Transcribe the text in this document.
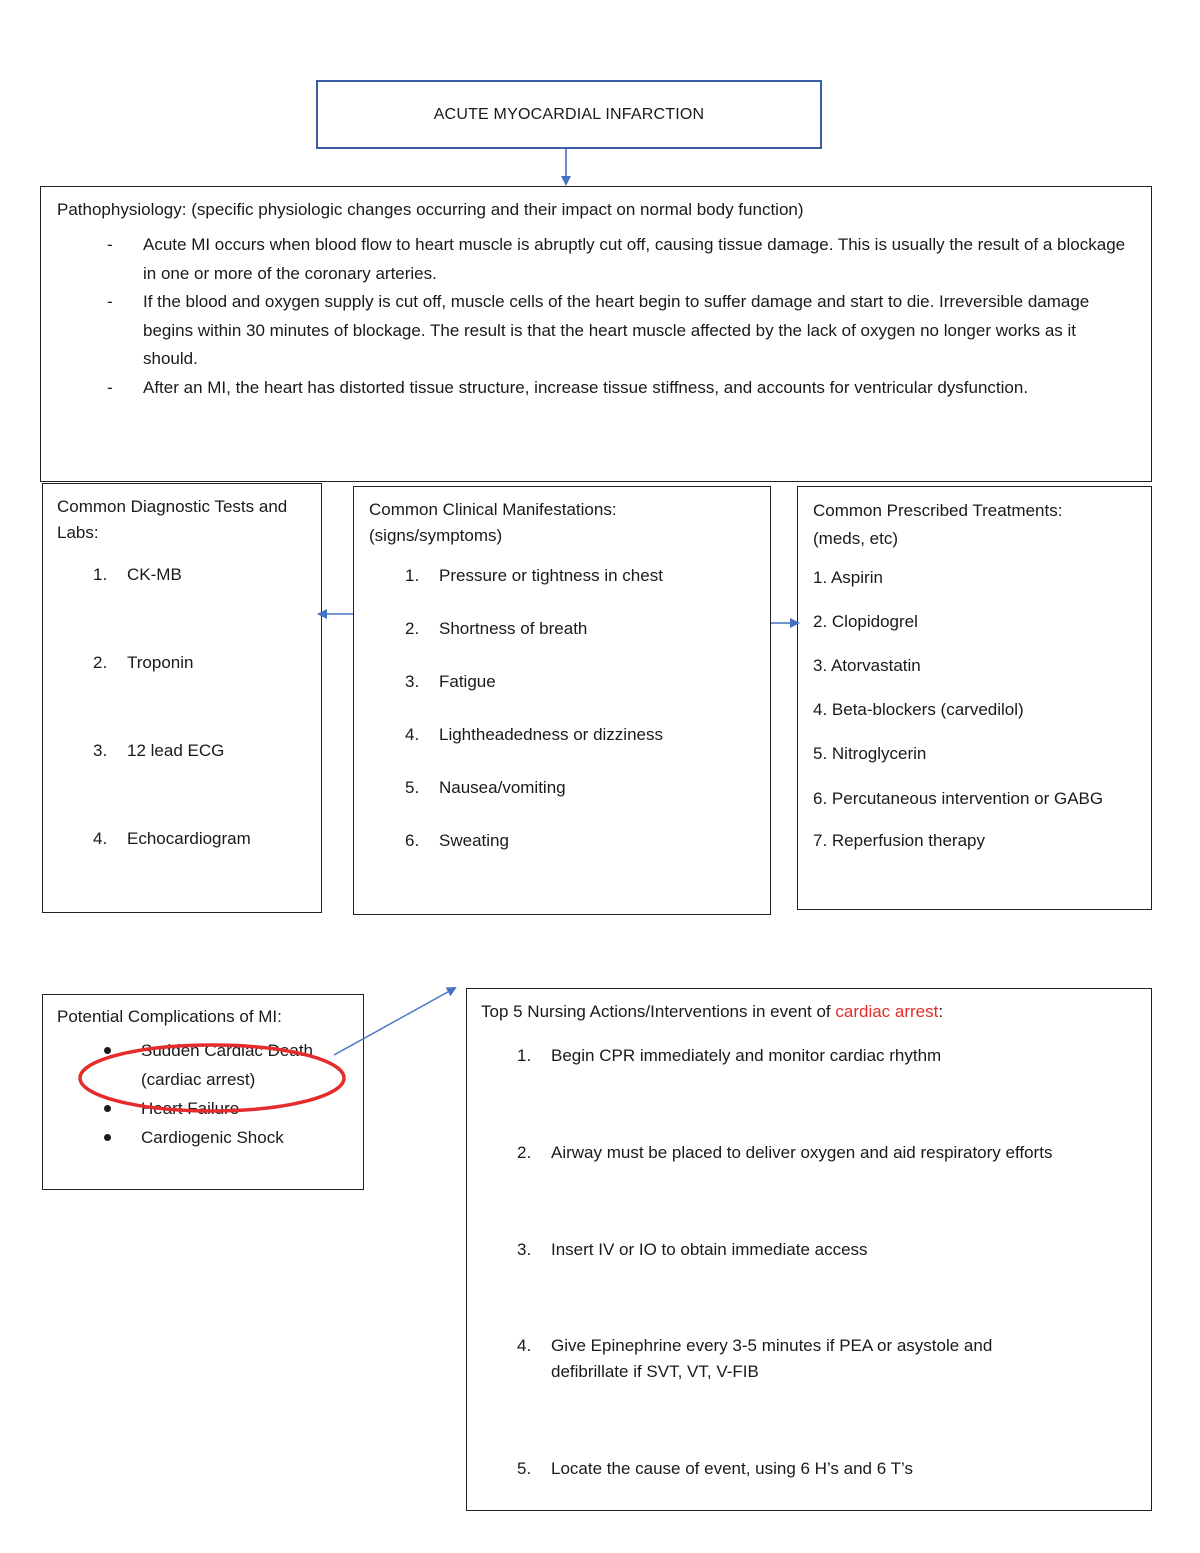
ACUTE MYOCARDIAL INFARCTION
Pathophysiology: (specific physiologic changes occurring and their impact on normal body function)
- Acute MI occurs when blood flow to heart muscle is abruptly cut off, causing tissue damage. This is usually the result of a blockage in one or more of the coronary arteries.
- If the blood and oxygen supply is cut off, muscle cells of the heart begin to suffer damage and start to die. Irreversible damage begins within 30 minutes of blockage. The result is that the heart muscle affected by the lack of oxygen no longer works as it should.
- After an MI, the heart has distorted tissue structure, increase tissue stiffness, and accounts for ventricular dysfunction.
Common Diagnostic Tests and Labs:
1. CK-MB
2. Troponin
3. 12 lead ECG
4. Echocardiogram
Common Clinical Manifestations: (signs/symptoms)
1. Pressure or tightness in chest
2. Shortness of breath
3. Fatigue
4. Lightheadedness or dizziness
5. Nausea/vomiting
6. Sweating
Common Prescribed Treatments: (meds, etc)
1. Aspirin
2. Clopidogrel
3. Atorvastatin
4. Beta-blockers (carvedilol)
5. Nitroglycerin
6. Percutaneous intervention or GABG
7. Reperfusion therapy
Potential Complications of MI:
Sudden Cardiac Death (cardiac arrest)
Heart Failure
Cardiogenic Shock
Top 5 Nursing Actions/Interventions in event of cardiac arrest:
1. Begin CPR immediately and monitor cardiac rhythm
2. Airway must be placed to deliver oxygen and aid respiratory efforts
3. Insert IV or IO to obtain immediate access
4. Give Epinephrine every 3-5 minutes if PEA or asystole and defibrillate if SVT, VT, V-FIB
5. Locate the cause of event, using 6 H’s and 6 T’s
